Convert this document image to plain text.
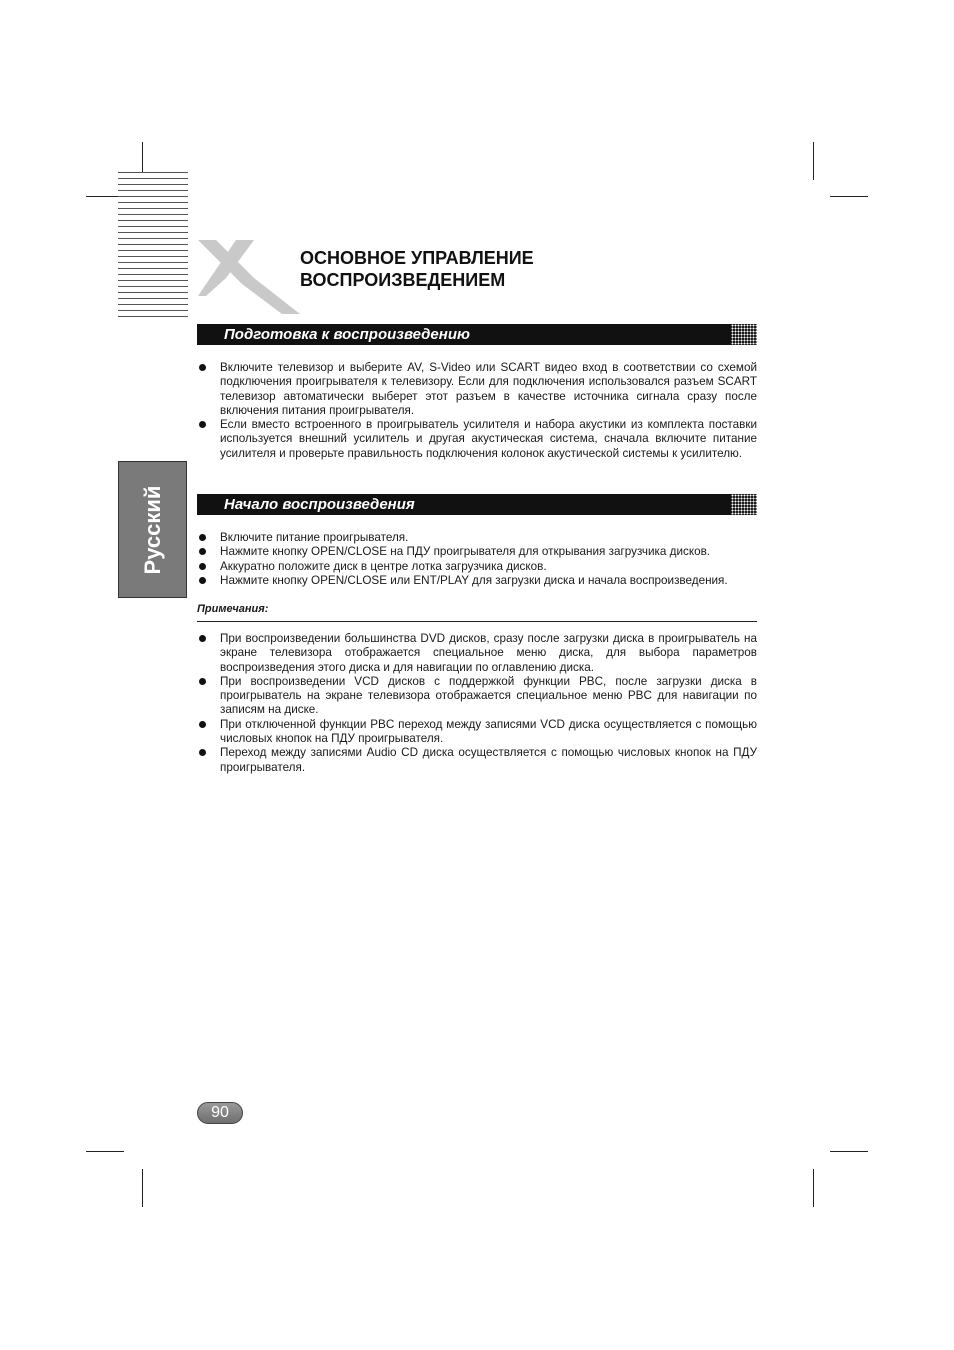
ОСНОВНОЕ УПРАВЛЕНИЕ
ВОСПРОИЗВЕДЕНИЕМ
Подготовка к воспроизведению
Включите телевизор и выберите AV, S-Video или SCART видео вход в соответствии со схемой подключения проигрывателя к телевизору. Если для подключения использовался разъем SCART телевизор автоматически выберет этот разъем в качестве источника сигнала сразу после включения питания проигрывателя.
Если вместо встроенного в проигрыватель усилителя и набора акустики из комплекта поставки используется внешний усилитель и другая акустическая система, сначала включите питание усилителя и проверьте правильность подключения колонок акустической системы к усилителю.
Русский	Начало воспроизведения
Включите питание проигрывателя.
Нажмите кнопку OPEN/CLOSE на ПДУ проигрывателя для открывания загрузчика дисков.
Аккуратно положите диск в центре лотка загрузчика дисков.
Нажмите кнопку OPEN/CLOSE или ENT/PLAY для загрузки диска и начала воспроизведения.
Примечания:
При воспроизведении большинства DVD дисков, сразу после загрузки диска в проигрыватель на экране телевизора отображается специальное меню диска, для выбора параметров воспроизведения этого диска и для навигации по оглавлению диска.
При воспроизведении VCD дисков с поддержкой функции PBC, после загрузки диска в проигрыватель на экране телевизора отображается специальное меню PBC для навигации по записям на диске.
При отключенной функции PBC переход между записями VCD диска осуществляется с помощью числовых кнопок на ПДУ проигрывателя.
Переход между записями Audio CD диска осуществляется с помощью числовых кнопок на ПДУ проигрывателя.
90
